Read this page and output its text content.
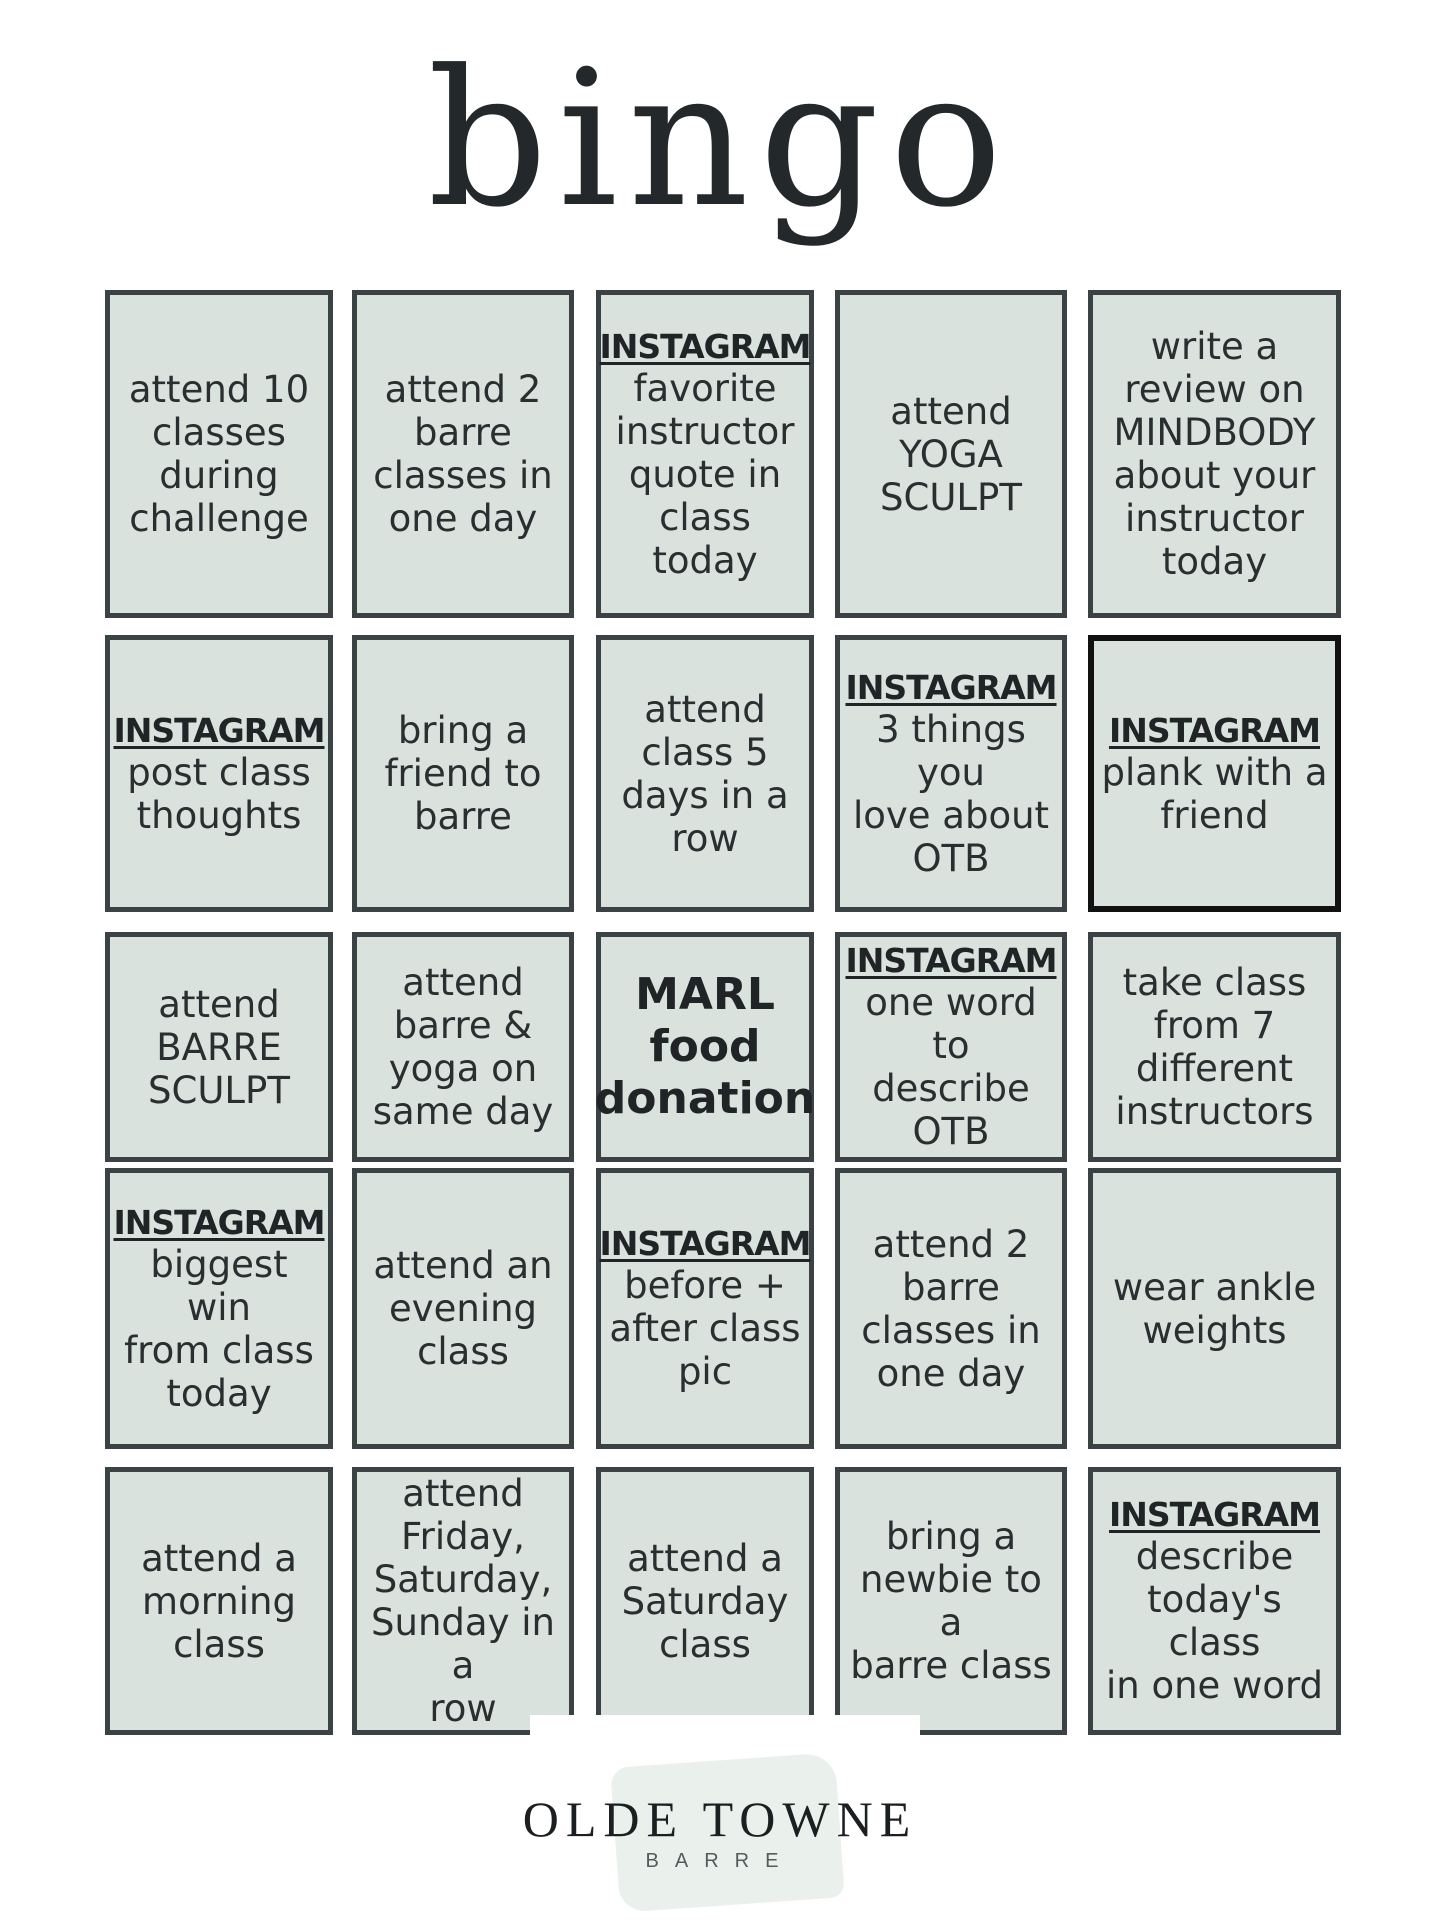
bingo
attend 10
classes
during
challenge
attend 2
barre
classes in
one day
INSTAGRAM
favorite
instructor
quote in
class today
attend
YOGA
SCULPT
write a
review on
MINDBODY
about your
instructor
today
INSTAGRAM
post class
thoughts
bring a
friend to
barre
attend
class 5
days in a
row
INSTAGRAM
3 things you
love about
OTB
INSTAGRAM
plank with a
friend
attend
BARRE
SCULPT
attend
barre &
yoga on
same day
MARL
food
donation
INSTAGRAM
one word to
describe
OTB
take class
from 7
different
instructors
INSTAGRAM
biggest win
from class
today
attend an
evening
class
INSTAGRAM
before +
after class
pic
attend 2
barre
classes in
one day
wear ankle
weights
attend a
morning
class
attend
Friday,
Saturday,
Sunday in a
row
attend a
Saturday
class
bring a
newbie to a
barre class
INSTAGRAM
describe
today's class
in one word
OLDE TOWNE
BARRE
